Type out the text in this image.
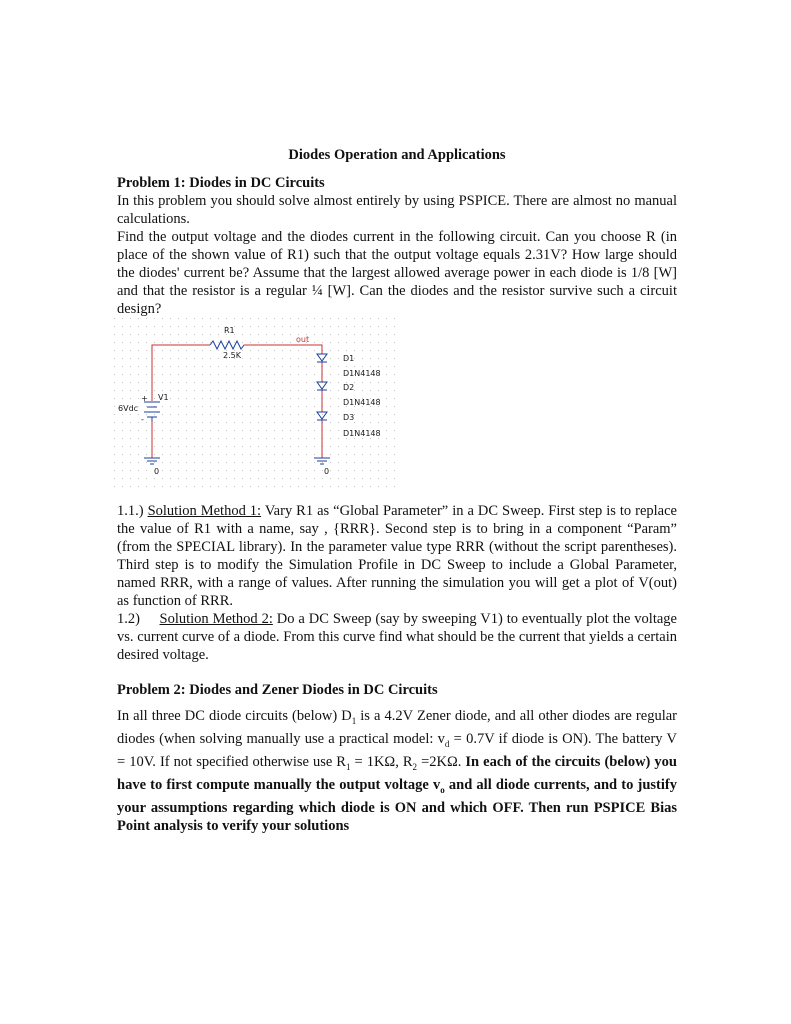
Diodes Operation and Applications
Problem 1: Diodes in DC Circuits

In this problem you should solve almost entirely by using PSPICE. There are almost no manual calculations.

Find the output voltage and the diodes current in the following circuit. Can you choose R (in place of the shown value of R1) such that the output voltage equals 2.31V? How large should the diodes' current be? Assume that the largest allowed average power in each diode is 1/8 [W] and that the resistor is a regular ¼ [W]. Can the diodes and the resistor survive such a circuit design?

1.1.) Solution Method 1: Vary R1 as “Global Parameter” in a DC Sweep. First step is to replace the value of R1 with a name, say , {RRR}. Second step is to bring in a component “Param” (from the SPECIAL library). In the parameter value type RRR (without the script parentheses). Third step is to modify the Simulation Profile in DC Sweep to include a Global Parameter, named RRR, with a range of values. After running the simulation you will get a plot of V(out) as function of RRR.

1.2)     Solution Method 2: Do a DC Sweep (say by sweeping V1) to eventually plot the voltage vs. current curve of a diode. From this curve find what should be the current that yields a certain desired voltage.

Problem 2: Diodes and Zener Diodes in DC Circuits

In all three DC diode circuits (below) $D_1$ is a 4.2V Zener diode, and all other diodes are regular diodes (when solving manually use a practical model: $v_d = 0.7V$ if diode is ON). The battery V = 10V. If not specified otherwise use $R_1 = 1K\Omega$, $R_2 =2K\Omega$. In each of the circuits (below) you have to first compute manually the output voltage $v_o$ and all diode currents, and to justify your assumptions regarding which diode is ON and which OFF. Then run PSPICE Bias Point analysis to verify your solutions

R1
2.5K
out
D1
D1N4148
D2
D1N4148
D3
D1N4148
V1
6Vdc
+
-
0	0
